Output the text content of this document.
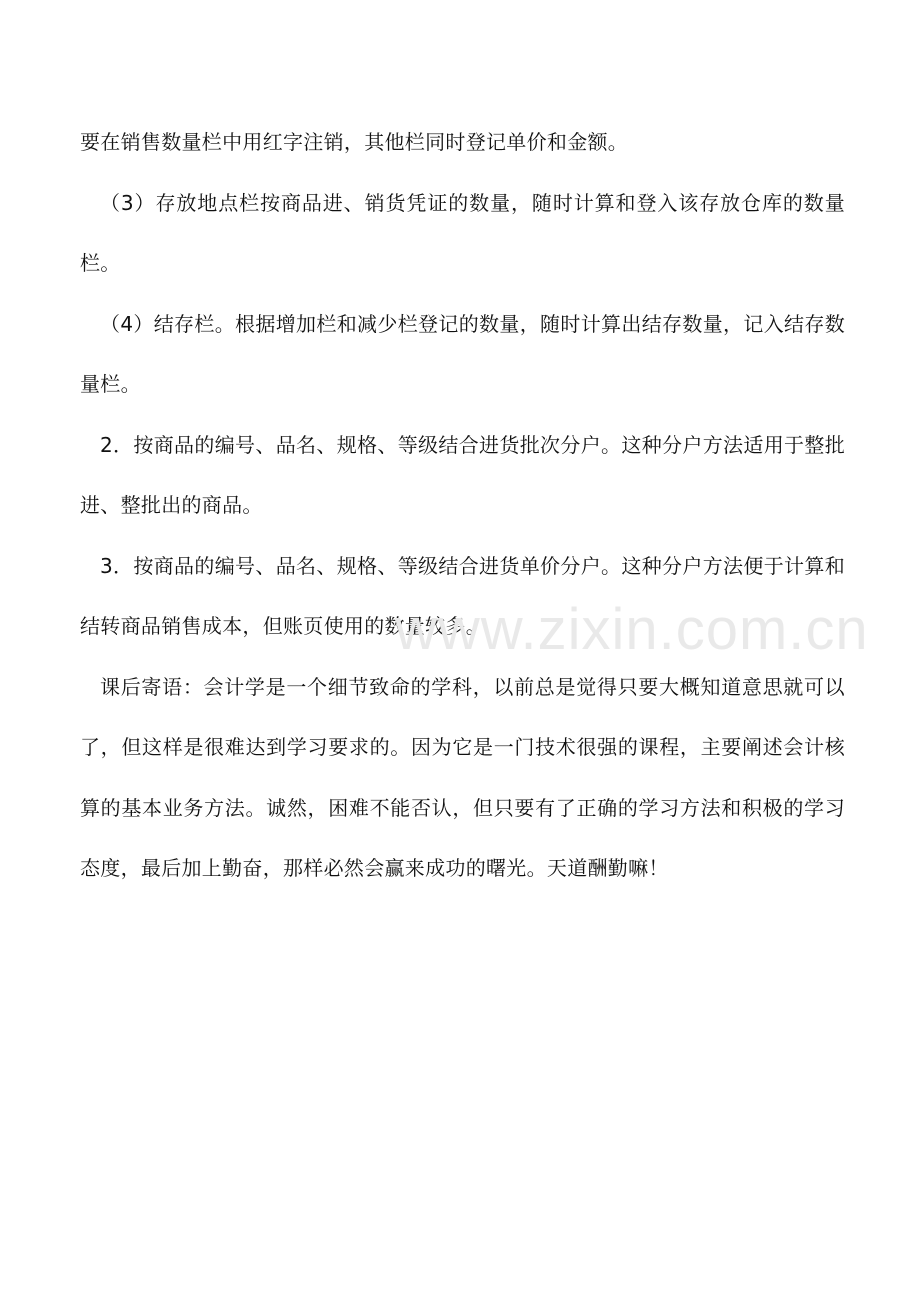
要在销售数量栏中用红字注销，其他栏同时登记单价和金额。

（3）存放地点栏按商品进、销货凭证的数量，随时计算和登入该存放仓库的数量栏。

（4）结存栏。根据增加栏和减少栏登记的数量，随时计算出结存数量，记入结存数量栏。

2．按商品的编号、品名、规格、等级结合进货批次分户。这种分户方法适用于整批进、整批出的商品。

3．按商品的编号、品名、规格、等级结合进货单价分户。这种分户方法便于计算和结转商品销售成本，但账页使用的数量较多。

课后寄语：会计学是一个细节致命的学科，以前总是觉得只要大概知道意思就可以了，但这样是很难达到学习要求的。因为它是一门技术很强的课程，主要阐述会计核算的基本业务方法。诚然，困难不能否认，但只要有了正确的学习方法和积极的学习态度，最后加上勤奋，那样必然会赢来成功的曙光。天道酬勤嘛！

www.zixin.com.cn
